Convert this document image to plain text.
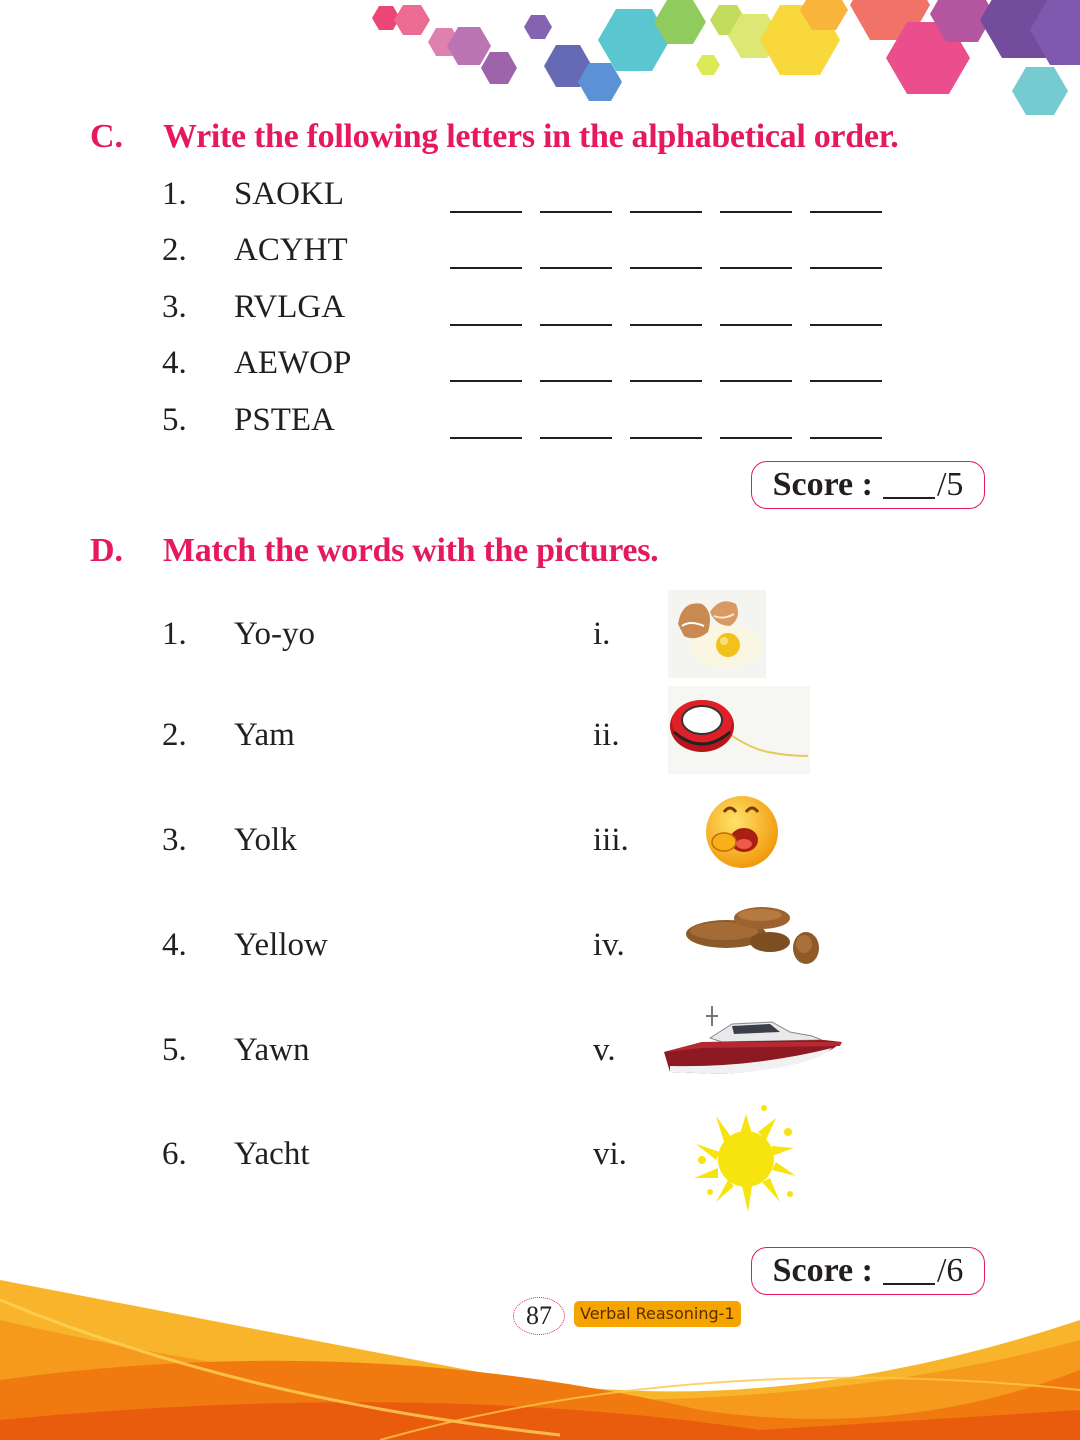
C. Write the following letters in the alphabetical order.
1. SAOKL
2. ACYHT
3. RVLGA
4. AEWOP
5. PSTEA
Score : /5
D. Match the words with the pictures.
1. Yo-yo
2. Yam
3. Yolk
4. Yellow
5. Yawn
6. Yacht
i.
ii.
iii.
iv.
v.
vi.
Score : /6
87	Verbal Reasoning-1
